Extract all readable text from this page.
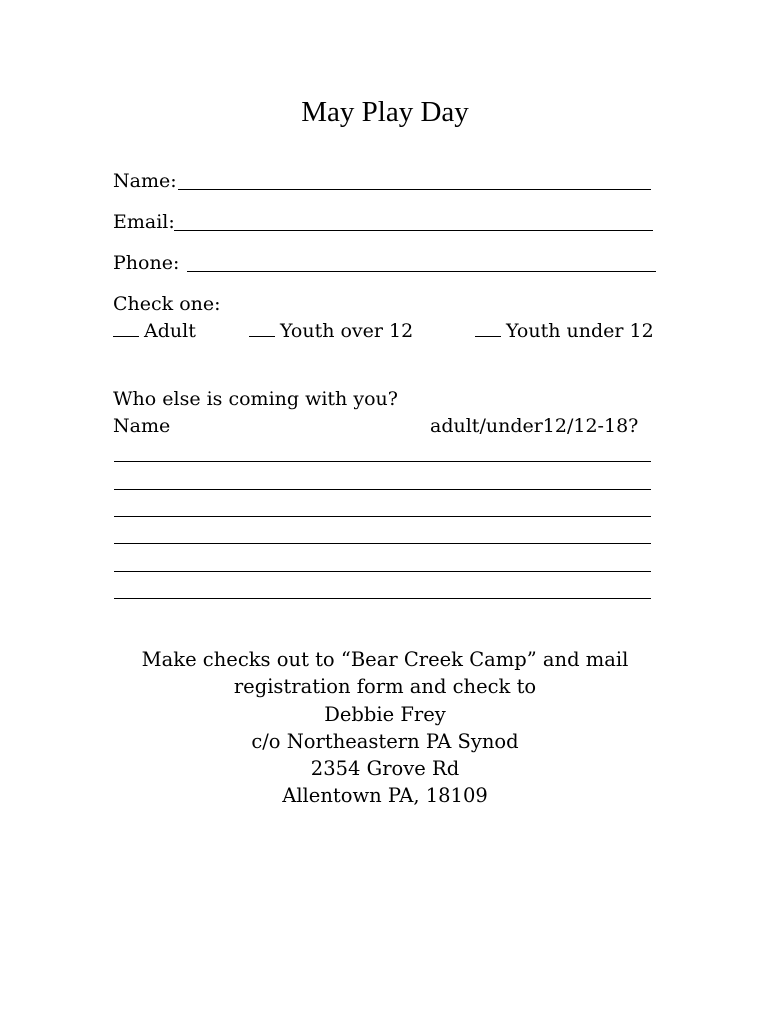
May Play Day
Name:
Email:
Phone:
Check one:
Adult	Youth over 12	Youth under 12
Who else is coming with you?
Name	adult/under12/12-18?
Make checks out to “Bear Creek Camp” and mail
registration form and check to
Debbie Frey
c/o Northeastern PA Synod
2354 Grove Rd
Allentown PA, 18109
